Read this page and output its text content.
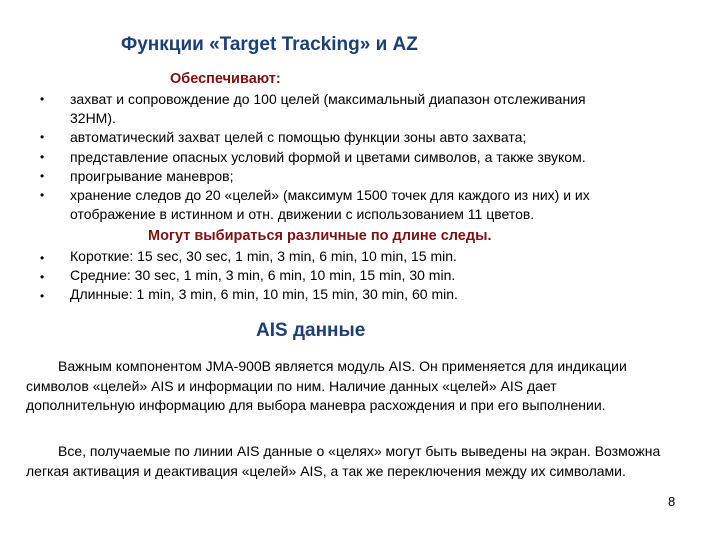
Функции «Target Tracking» и AZ
Обеспечивают:
• захват и сопровождение до 100 целей (максимальный диапазон отслеживания
32НМ).
• автоматический захват целей с помощью функции зоны авто захвата;
• представление опасных условий формой и цветами символов, а также звуком.
• проигрывание маневров;
• хранение следов до 20 «целей» (максимум 1500 точек для каждого из них) и их
отображение в истинном и отн. движении с использованием 11 цветов.
Могут выбираться различные по длине следы.
• Короткие: 15 sec, 30 sec, 1 min, 3 min, 6 min, 10 min, 15 min.
• Средние: 30 sec, 1 min, 3 min, 6 min, 10 min, 15 min, 30 min.
• Длинные: 1 min, 3 min, 6 min, 10 min, 15 min, 30 min, 60 min.
AIS данные
Важным компонентом JMA-900B является модуль AIS. Он применяется для индикации символов «целей» AIS и информации по ним. Наличие данных «целей» AIS дает дополнительную информацию для выбора маневра расхождения и при его выполнении.
Все, получаемые по линии AIS данные о «целях» могут быть выведены на экран. Возможна легкая активация и деактивация «целей» AIS, а так же переключения между их символами.
8
